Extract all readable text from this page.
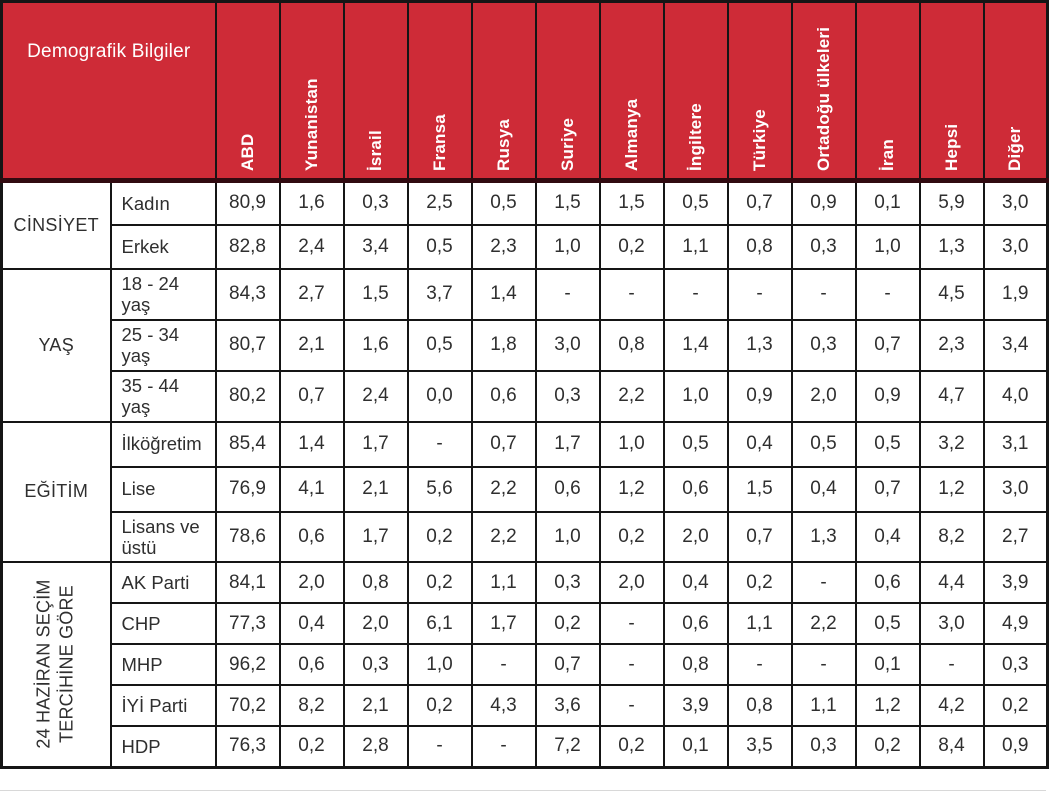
Demografik Bilgiler		ABD	Yunanistan	İsrail	Fransa	Rusya	Suriye	Almanya	İngiltere	Türkiye	Ortadoğu ülkeleri	İran	Hepsi	Diğer

CİNSİYET	Kadın	80,9	1,6	0,3	2,5	0,5	1,5	1,5	0,5	0,7	0,9	0,1	5,9	3,0
	Erkek	82,8	2,4	3,4	0,5	2,3	1,0	0,2	1,1	0,8	0,3	1,0	1,3	3,0
YAŞ	18 - 24 yaş	84,3	2,7	1,5	3,7	1,4	-	-	-	-	-	-	4,5	1,9
	25 - 34 yaş	80,7	2,1	1,6	0,5	1,8	3,0	0,8	1,4	1,3	0,3	0,7	2,3	3,4
	35 - 44 yaş	80,2	0,7	2,4	0,0	0,6	0,3	2,2	1,0	0,9	2,0	0,9	4,7	4,0
EĞİTİM	İlköğretim	85,4	1,4	1,7	-	0,7	1,7	1,0	0,5	0,4	0,5	0,5	3,2	3,1
	Lise	76,9	4,1	2,1	5,6	2,2	0,6	1,2	0,6	1,5	0,4	0,7	1,2	3,0
	Lisans ve üstü	78,6	0,6	1,7	0,2	2,2	1,0	0,2	2,0	0,7	1,3	0,4	8,2	2,7

24 HAZİRAN SEÇİM TERCİHİNE GÖRE	AK Parti	84,1	2,0	0,8	0,2	1,1	0,3	2,0	0,4	0,2	-	0,6	4,4	3,9
	CHP	77,3	0,4	2,0	6,1	1,7	0,2	-	0,6	1,1	2,2	0,5	3,0	4,9
	MHP	96,2	0,6	0,3	1,0	-	0,7	-	0,8	-	-	0,1	-	0,3
	İYİ Parti	70,2	8,2	2,1	0,2	4,3	3,6	-	3,9	0,8	1,1	1,2	4,2	0,2
	HDP	76,3	0,2	2,8	-	-	7,2	0,2	0,1	3,5	0,3	0,2	8,4	0,9
